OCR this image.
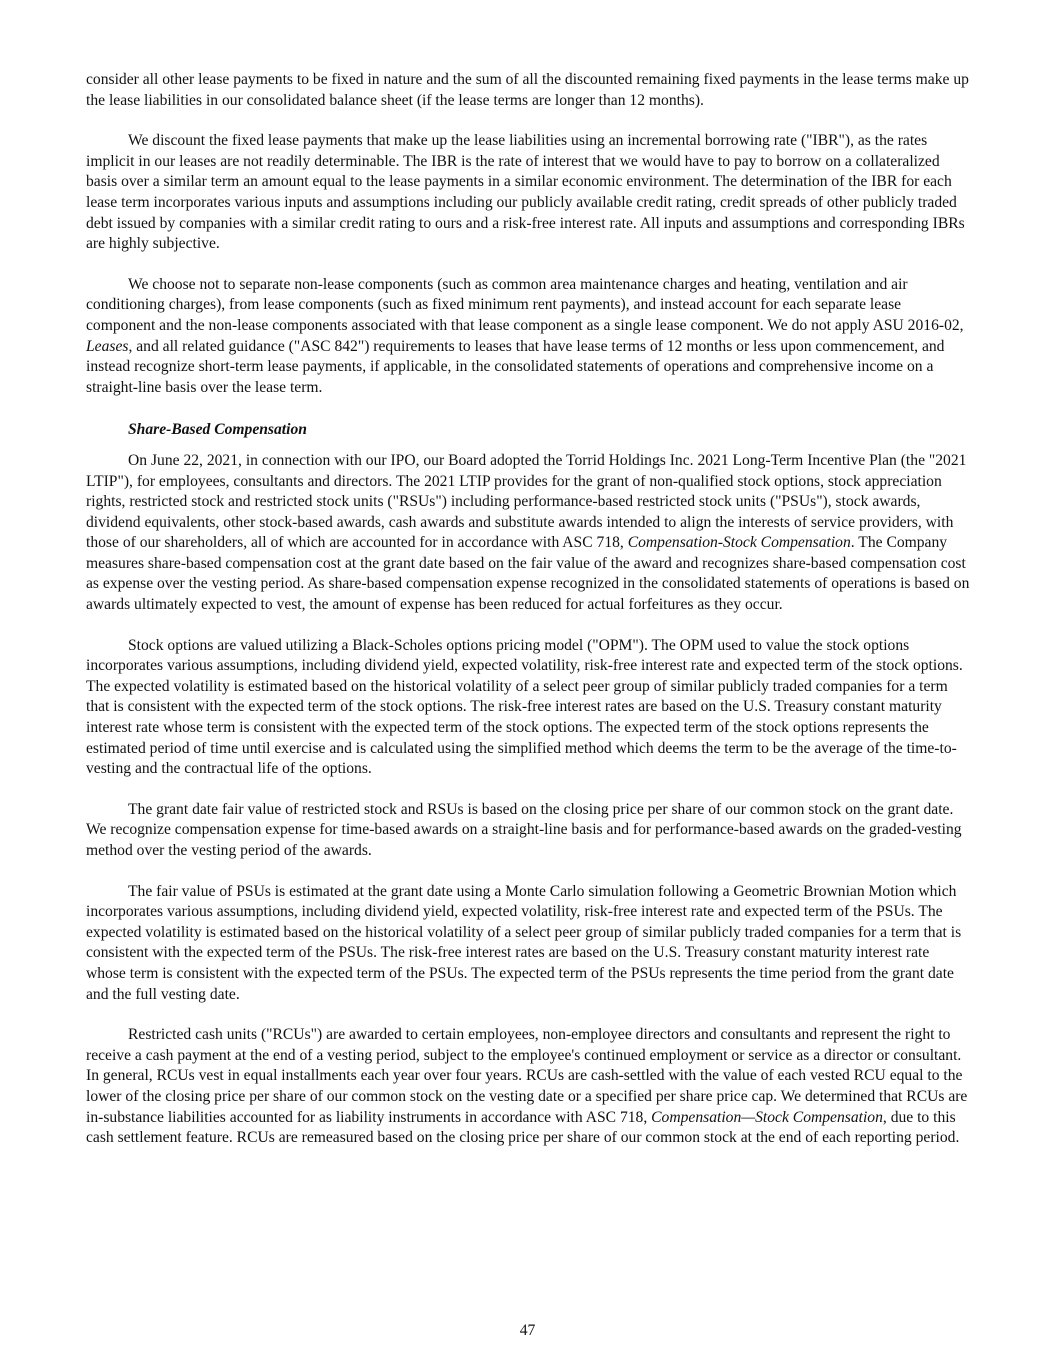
consider all other lease payments to be fixed in nature and the sum of all the discounted remaining fixed payments in the lease terms make up the lease liabilities in our consolidated balance sheet (if the lease terms are longer than 12 months).

We discount the fixed lease payments that make up the lease liabilities using an incremental borrowing rate ("IBR"), as the rates implicit in our leases are not readily determinable. The IBR is the rate of interest that we would have to pay to borrow on a collateralized basis over a similar term an amount equal to the lease payments in a similar economic environment. The determination of the IBR for each lease term incorporates various inputs and assumptions including our publicly available credit rating, credit spreads of other publicly traded debt issued by companies with a similar credit rating to ours and a risk-free interest rate. All inputs and assumptions and corresponding IBRs are highly subjective.

We choose not to separate non-lease components (such as common area maintenance charges and heating, ventilation and air conditioning charges), from lease components (such as fixed minimum rent payments), and instead account for each separate lease component and the non-lease components associated with that lease component as a single lease component. We do not apply ASU 2016-02, Leases, and all related guidance ("ASC 842") requirements to leases that have lease terms of 12 months or less upon commencement, and instead recognize short-term lease payments, if applicable, in the consolidated statements of operations and comprehensive income on a straight-line basis over the lease term.

Share-Based Compensation

On June 22, 2021, in connection with our IPO, our Board adopted the Torrid Holdings Inc. 2021 Long-Term Incentive Plan (the "2021 LTIP"), for employees, consultants and directors. The 2021 LTIP provides for the grant of non-qualified stock options, stock appreciation rights, restricted stock and restricted stock units ("RSUs") including performance-based restricted stock units ("PSUs"), stock awards, dividend equivalents, other stock-based awards, cash awards and substitute awards intended to align the interests of service providers, with those of our shareholders, all of which are accounted for in accordance with ASC 718, Compensation-Stock Compensation. The Company measures share-based compensation cost at the grant date based on the fair value of the award and recognizes share-based compensation cost as expense over the vesting period. As share-based compensation expense recognized in the consolidated statements of operations is based on awards ultimately expected to vest, the amount of expense has been reduced for actual forfeitures as they occur.

Stock options are valued utilizing a Black-Scholes options pricing model ("OPM"). The OPM used to value the stock options incorporates various assumptions, including dividend yield, expected volatility, risk-free interest rate and expected term of the stock options. The expected volatility is estimated based on the historical volatility of a select peer group of similar publicly traded companies for a term that is consistent with the expected term of the stock options. The risk-free interest rates are based on the U.S. Treasury constant maturity interest rate whose term is consistent with the expected term of the stock options. The expected term of the stock options represents the estimated period of time until exercise and is calculated using the simplified method which deems the term to be the average of the time-to-vesting and the contractual life of the options.

The grant date fair value of restricted stock and RSUs is based on the closing price per share of our common stock on the grant date. We recognize compensation expense for time-based awards on a straight-line basis and for performance-based awards on the graded-vesting method over the vesting period of the awards.

The fair value of PSUs is estimated at the grant date using a Monte Carlo simulation following a Geometric Brownian Motion which incorporates various assumptions, including dividend yield, expected volatility, risk-free interest rate and expected term of the PSUs. The expected volatility is estimated based on the historical volatility of a select peer group of similar publicly traded companies for a term that is consistent with the expected term of the PSUs. The risk-free interest rates are based on the U.S. Treasury constant maturity interest rate whose term is consistent with the expected term of the PSUs. The expected term of the PSUs represents the time period from the grant date and the full vesting date.

Restricted cash units ("RCUs") are awarded to certain employees, non-employee directors and consultants and represent the right to receive a cash payment at the end of a vesting period, subject to the employee's continued employment or service as a director or consultant. In general, RCUs vest in equal installments each year over four years. RCUs are cash-settled with the value of each vested RCU equal to the lower of the closing price per share of our common stock on the vesting date or a specified per share price cap. We determined that RCUs are in-substance liabilities accounted for as liability instruments in accordance with ASC 718, Compensation—Stock Compensation, due to this cash settlement feature. RCUs are remeasured based on the closing price per share of our common stock at the end of each reporting period.

47
